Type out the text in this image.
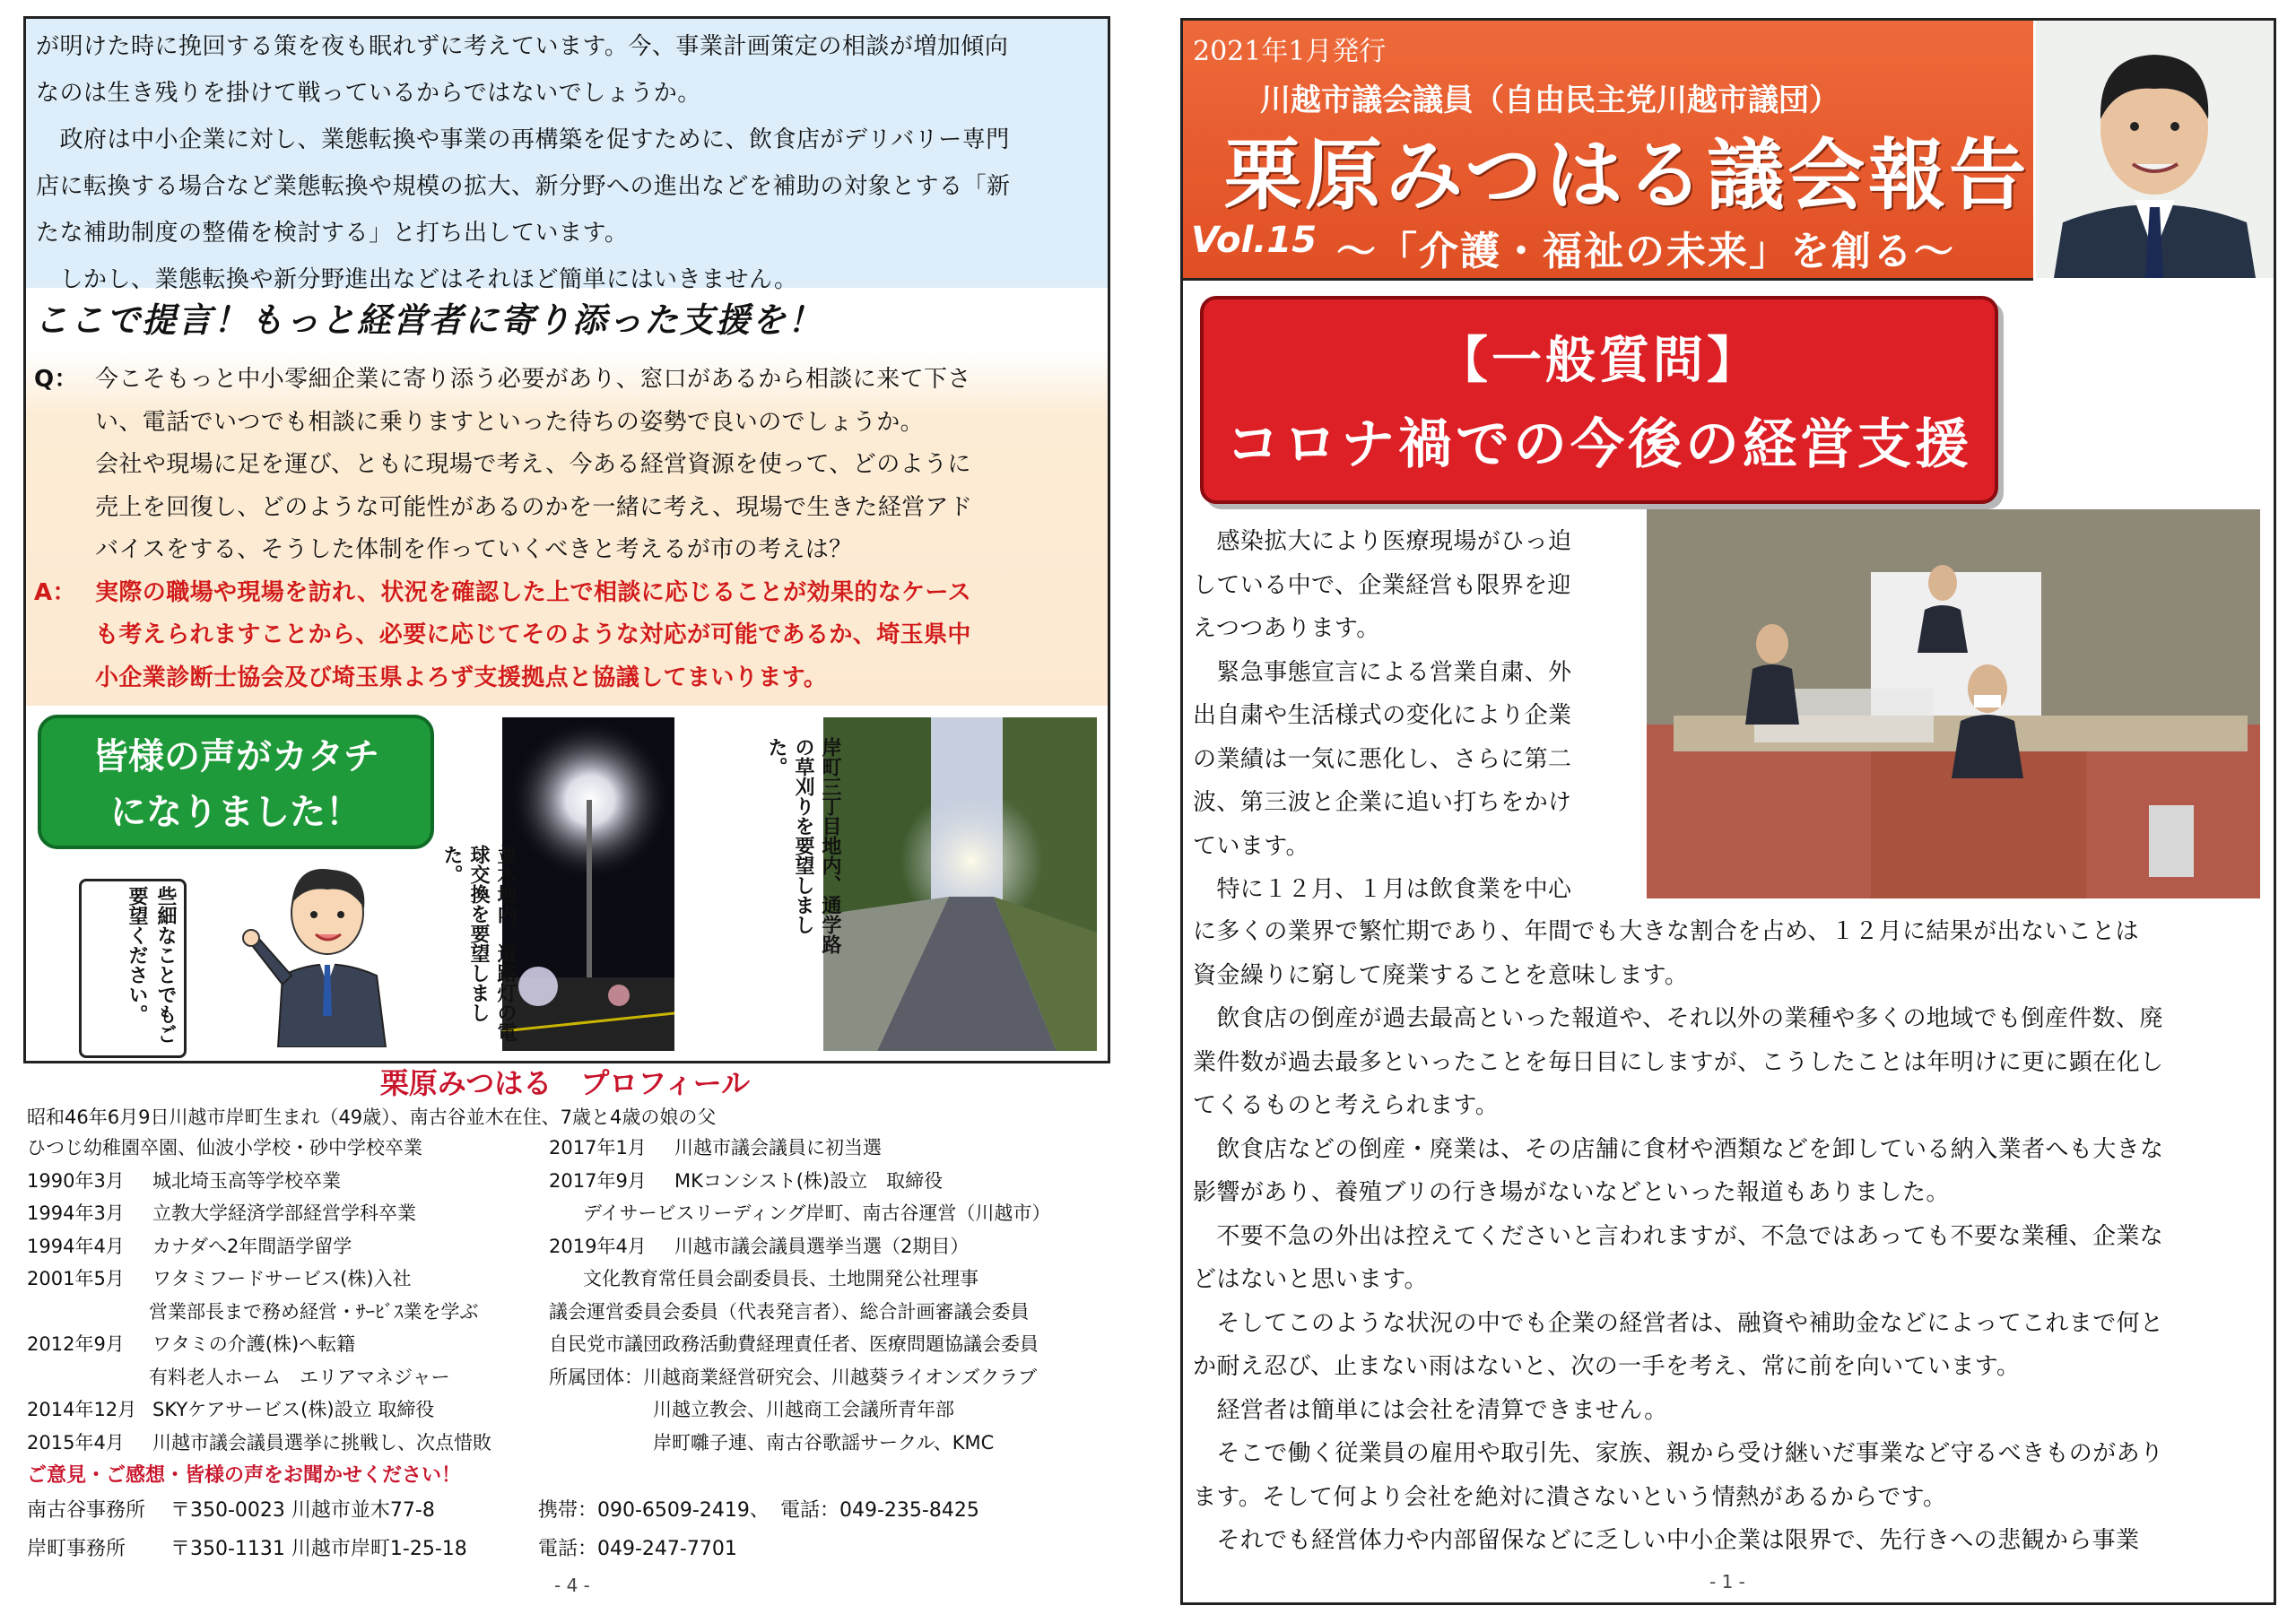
が明けた時に挽回する策を夜も眠れずに考えています。今、事業計画策定の相談が増加傾向

なのは生き残りを掛けて戦っているからではないでしょうか。

　政府は中小企業に対し、業態転換や事業の再構築を促すために、飲食店がデリバリー専門

店に転換する場合など業態転換や規模の拡大、新分野への進出などを補助の対象とする「新

たな補助制度の整備を検討する」と打ち出しています。

　しかし、業態転換や新分野進出などはそれほど簡単にはいきません。

ここで提言！もっと経営者に寄り添った支援を！
Q： 今こそもっと中小零細企業に寄り添う必要があり、窓口があるから相談に来て下さ
い、電話でいつでも相談に乗りますといった待ちの姿勢で良いのでしょうか。
会社や現場に足を運び、ともに現場で考え、今ある経営資源を使って、どのように
売上を回復し、どのような可能性があるのかを一緒に考え、現場で生きた経営アド
バイスをする、そうした体制を作っていくべきと考えるが市の考えは？
A： 実際の職場や現場を訪れ、状況を確認した上で相談に応じることが効果的なケース
も考えられますことから、必要に応じてそのような対応が可能であるか、埼玉県中
小企業診断士協会及び埼玉県よろず支援拠点と協議してまいります。
皆様の声がカタチ
になりました！
些細なことでもご要望ください。	並木地内、道路灯の電球交換を要望しました。	岸町三丁目地内、通学路の草刈りを要望しました。
栗原みつはる　プロフィール
昭和46年6月9日川越市岸町生まれ（49歳）、南古谷並木在住、7歳と4歳の娘の父
ひつじ幼稚園卒園、仙波小学校・砂中学校卒業
1990年3月 城北埼玉高等学校卒業
1994年3月 立教大学経済学部経営学科卒業
1994年4月 カナダへ2年間語学留学
2001年5月 ワタミフードサービス(株)入社
営業部長まで務め経営・ｻｰﾋﾞｽ業を学ぶ
2012年9月 ワタミの介護(株)へ転籍
有料老人ホーム　エリアマネジャー
2014年12月 SKYケアサービス(株)設立 取締役
2015年4月 川越市議会議員選挙に挑戦し、次点惜敗
2017年1月 川越市議会議員に初当選
2017年9月 MKコンシスト(株)設立　取締役
デイサービスリーディング岸町、南古谷運営（川越市）
2019年4月 川越市議会議員選挙当選（2期目）
文化教育常任員会副委員長、土地開発公社理事
議会運営委員会委員（代表発言者）、総合計画審議会委員
自民党市議団政務活動費経理責任者、医療問題協議会委員
所属団体：川越商業経営研究会、川越葵ライオンズクラブ
川越立教会、川越商工会議所青年部
岸町囃子連、南古谷歌謡サークル、KMC
ご意見・ご感想・皆様の声をお聞かせください！
南古谷事務所 〒350-0023 川越市並木77-8	携帯：090-6509-2419、 電話：049-235-8425
岸町事務所 〒350-1131 川越市岸町1-25-18	電話：049-247-7701
- 4 -
2021年1月発行
川越市議会議員（自由民主党川越市議団）
栗原みつはる議会報告
Vol.15 ～「介護・福祉の未来」を創る～
【一般質問】
コロナ禍での今後の経営支援

　感染拡大により医療現場がひっ迫

している中で、企業経営も限界を迎

えつつあります。

　緊急事態宣言による営業自粛、外

出自粛や生活様式の変化により企業

の業績は一気に悪化し、さらに第二

波、第三波と企業に追い打ちをかけ

ています。

　特に１２月、１月は飲食業を中心

に多くの業界で繁忙期であり、年間でも大きな割合を占め、１２月に結果が出ないことは

資金繰りに窮して廃業することを意味します。

　飲食店の倒産が過去最高といった報道や、それ以外の業種や多くの地域でも倒産件数、廃

業件数が過去最多といったことを毎日目にしますが、こうしたことは年明けに更に顕在化し

てくるものと考えられます。

　飲食店などの倒産・廃業は、その店舗に食材や酒類などを卸している納入業者へも大きな

影響があり、養殖ブリの行き場がないなどといった報道もありました。

　不要不急の外出は控えてくださいと言われますが、不急ではあっても不要な業種、企業な

どはないと思います。

　そしてこのような状況の中でも企業の経営者は、融資や補助金などによってこれまで何と

か耐え忍び、止まない雨はないと、次の一手を考え、常に前を向いています。

　経営者は簡単には会社を清算できません。

　そこで働く従業員の雇用や取引先、家族、親から受け継いだ事業など守るべきものがあり

ます。そして何より会社を絶対に潰さないという情熱があるからです。

　それでも経営体力や内部留保などに乏しい中小企業は限界で、先行きへの悲観から事業

- 1 -
